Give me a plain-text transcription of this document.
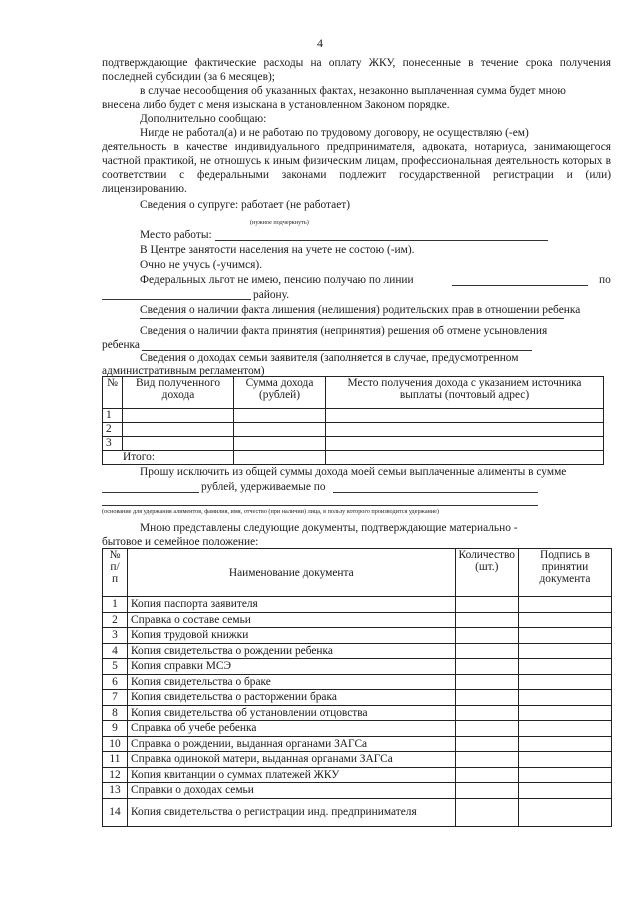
4
подтверждающие фактические расходы на оплату ЖКУ, понесенные в течение срока получения последней субсидии (за 6 месяцев);
в случае несообщения об указанных фактах, незаконно выплаченная сумма будет мною
внесена либо будет с меня изыскана в установленном Законом порядке.
Дополнительно сообщаю:
Нигде не работал(а) и не работаю по трудовому договору, не осуществляю (-ем)
деятельность в качестве индивидуального предпринимателя, адвоката, нотариуса, занимающегося частной практикой, не отношусь к иным физическим лицам, профессиональная деятельность которых в соответствии с федеральными законами подлежит государственной регистрации и (или) лицензированию.
Сведения о супруге: работает (не работает)
(нужное подчеркнуть)
Место работы:
В Центре занятости населения на учете не состою (-им).
Очно не учусь (-учимся).
Федеральных льгот не имею, пенсию получаю по линии	по
району.
Сведения о наличии факта лишения (нелишения) родительских прав в отношении ребенка
Сведения о наличии факта принятия (непринятия) решения об отмене усыновления
ребенка
Сведения о доходах семьи заявителя (заполняется в случае, предусмотренном
административным регламентом)
№	Вид полученного дохода	Сумма дохода (рублей)	Место получения дохода с указанием источника выплаты (почтовый адрес)
1			
2			
3			
Итого:			
Прошу исключить из общей суммы дохода моей семьи выплаченные алименты в сумме
рублей, удерживаемые по
(основание для удержания алиментов, фамилия, имя, отчество (при наличии) лица, в пользу которого производится удержание)
Мною представлены следующие документы, подтверждающие материально -
бытовое и семейное положение:
№ п/ п	Наименование документа	Количество (шт.)	Подпись в принятии документа
1	Копия паспорта заявителя		
2	Справка о составе семьи		
3	Копия трудовой книжки		
4	Копия свидетельства о рождении ребенка		
5	Копия справки МСЭ		
6	Копия свидетельства о браке		
7	Копия свидетельства о расторжении брака		
8	Копия свидетельства об установлении отцовства		
9	Справка об учебе ребенка		
10	Справка о рождении, выданная органами ЗАГСа		
11	Справка одинокой матери, выданная органами ЗАГСа		
12	Копия квитанции о суммах платежей ЖКУ		
13	Справки о доходах семьи		
14	Копия свидетельства о регистрации инд. предпринимателя		
